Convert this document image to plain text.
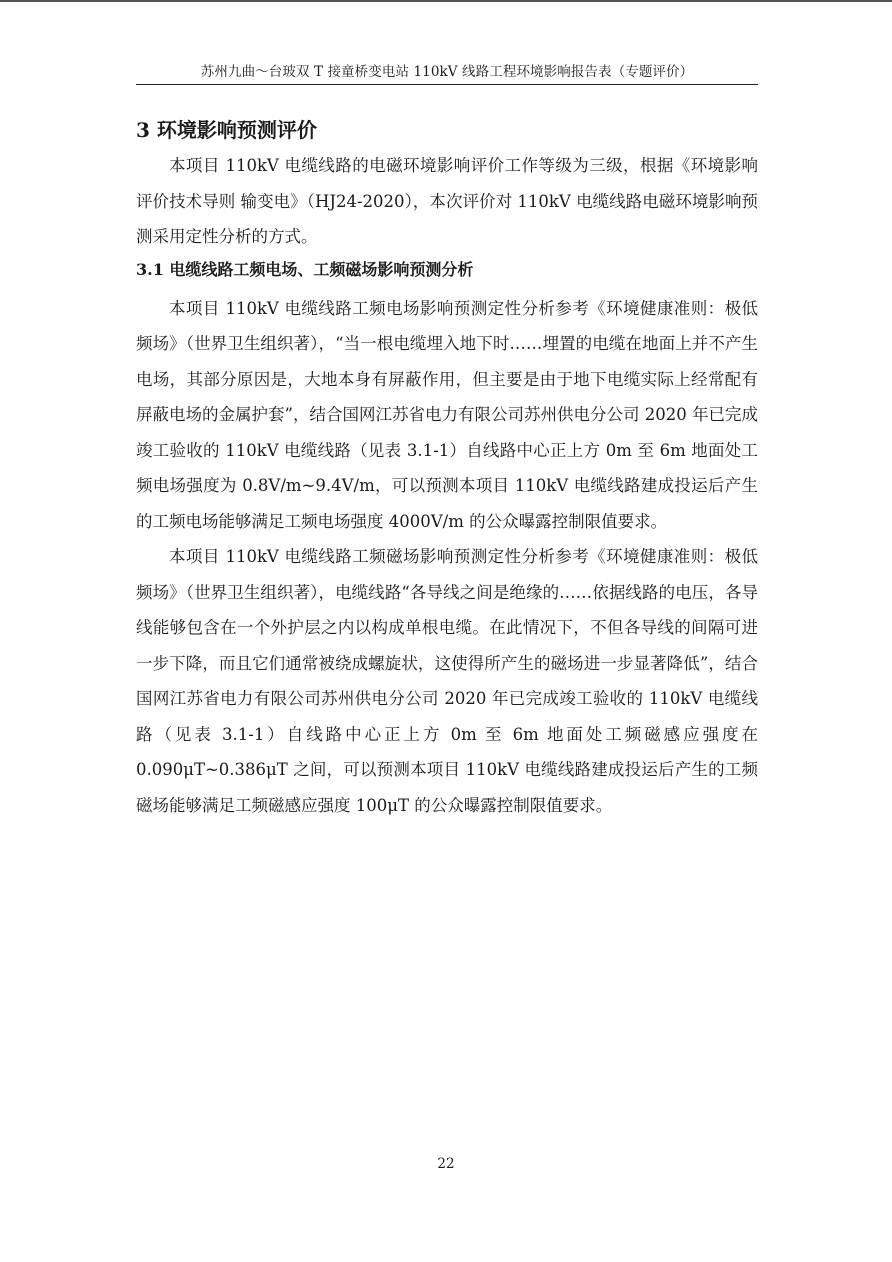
苏州九曲～台玻双 T 接童桥变电站 110kV 线路工程环境影响报告表（专题评价）
3 环境影响预测评价

本项目 110kV 电缆线路的电磁环境影响评价工作等级为三级，根据《环境影响评价技术导则 输变电》（HJ24-2020），本次评价对 110kV 电缆线路电磁环境影响预测采用定性分析的方式。

3.1 电缆线路工频电场、工频磁场影响预测分析

本项目 110kV 电缆线路工频电场影响预测定性分析参考《环境健康准则：极低频场》（世界卫生组织著），“当一根电缆埋入地下时……埋置的电缆在地面上并不产生电场，其部分原因是，大地本身有屏蔽作用，但主要是由于地下电缆实际上经常配有屏蔽电场的金属护套”，结合国网江苏省电力有限公司苏州供电分公司 2020 年已完成竣工验收的 110kV 电缆线路（见表 3.1-1）自线路中心正上方 0m 至 6m 地面处工频电场强度为 0.8V/m~9.4V/m，可以预测本项目 110kV 电缆线路建成投运后产生的工频电场能够满足工频电场强度 4000V/m 的公众曝露控制限值要求。

本项目 110kV 电缆线路工频磁场影响预测定性分析参考《环境健康准则：极低频场》（世界卫生组织著），电缆线路“各导线之间是绝缘的……依据线路的电压，各导线能够包含在一个外护层之内以构成单根电缆。在此情况下，不但各导线的间隔可进一步下降，而且它们通常被绕成螺旋状，这使得所产生的磁场进一步显著降低”，结合国网江苏省电力有限公司苏州供电分公司 2020 年已完成竣工验收的 110kV 电缆线路（见表 3.1-1）自线路中心正上方 0m 至 6m 地面处工频磁感应强度在 0.090μT~0.386μT 之间，可以预测本项目 110kV 电缆线路建成投运后产生的工频磁场能够满足工频磁感应强度 100μT 的公众曝露控制限值要求。

22
